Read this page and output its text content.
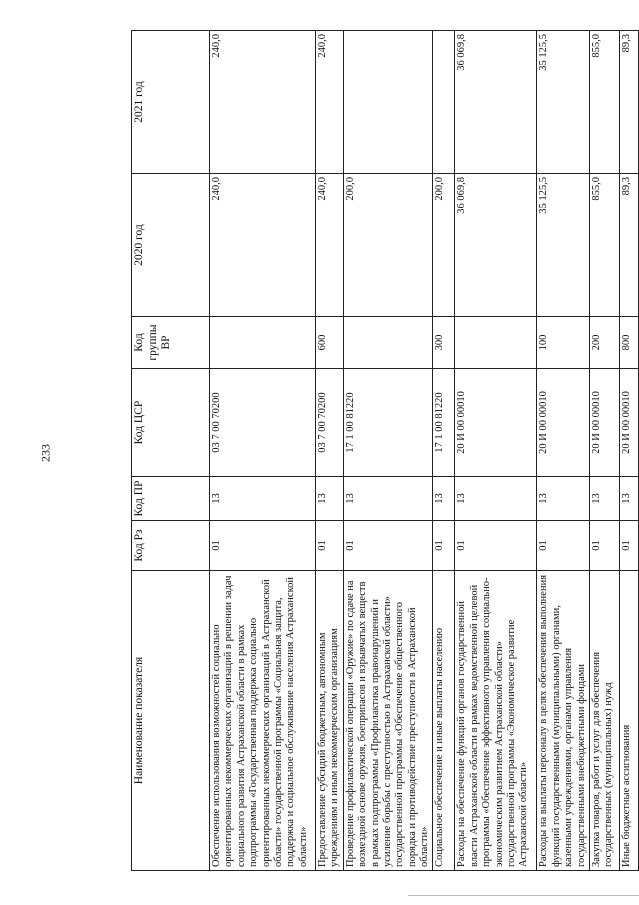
233
Наименование показателя	Код Рз	Код ПР	Код ЦСР	Код группы ВР	2020 год	2021 год
Обеспечение использования возможностей социально ориентированных некоммерческих организаций в решении задач социального развития Астраханской области в рамках подпрограммы «Государственная поддержка социально ориентированных некоммерческих организаций в Астраханской области» государственной программы «Социальная защита, поддержка и социальное обслуживание населения Астраханской области»	01	13	03 7 00 70200		240,0	240,0
Предоставление субсидий бюджетным, автономным учреждениям и иным некоммерческим организациям	01	13	03 7 00 70200	600	240,0	240,0
Проведение профилактической операции «Оружие» по сдаче на возмездной основе оружия, боеприпасов и взрывчатых веществ в рамках подпрограммы «Профилактика правонарушений и усиление борьбы с преступностью в Астраханской области» государственной программы «Обеспечение общественного порядка и противодействие преступности в Астраханской области»	01	13	17 1 00 81220		200,0	
Социальное обеспечение и иные выплаты населению	01	13	17 1 00 81220	300	200,0	
Расходы на обеспечение функций органов государственной власти Астраханской области в рамках ведомственной целевой программы «Обеспечение эффективного управления социально-экономическим развитием Астраханской области» государственной программы «Экономическое развитие Астраханской области»	01	13	20 И 00 00010		36 069,8	36 069,8
Расходы на выплаты персоналу в целях обеспечения выполнения функций государственными (муниципальными) органами, казенными учреждениями, органами управления государственными внебюджетными фондами	01	13	20 И 00 00010	100	35 125,5	35 125,5
Закупка товаров, работ и услуг для обеспечения государственных (муниципальных) нужд	01	13	20 И 00 00010	200	855,0	855,0
Иные бюджетные ассигнования	01	13	20 И 00 00010	800	89,3	89,3
